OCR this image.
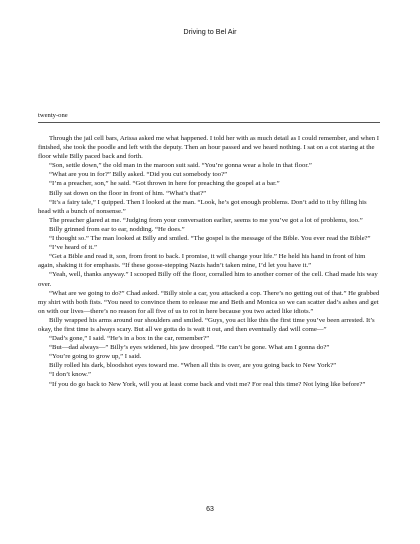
Driving to Bel Air
twenty-one

Through the jail cell bars, Arissa asked me what happened. I told her with as much detail as I could remember, and when I finished, she took the poodle and left with the deputy. Then an hour passed and we heard nothing. I sat on a cot staring at the floor while Billy paced back and forth.

“Son, settle down,” the old man in the maroon suit said. “You’re gonna wear a hole in that floor.”

“What are you in for?” Billy asked. “Did you cut somebody too?”

“I’m a preacher, son,” he said. “Got thrown in here for preaching the gospel at a bar.”

Billy sat down on the floor in front of him. “What’s that?”

“It’s a fairy tale,” I quipped. Then I looked at the man. “Look, he’s got enough problems. Don’t add to it by filling his head with a bunch of nonsense.”

The preacher glared at me. “Judging from your conversation earlier, seems to me you’ve got a lot of problems, too.”

Billy grinned from ear to ear, nodding. “He does.”

“I thought so.” The man looked at Billy and smiled. “The gospel is the message of the Bible. You ever read the Bible?”

“I’ve heard of it.”

“Get a Bible and read it, son, from front to back. I promise, it will change your life.” He held his hand in front of him again, shaking it for emphasis. “If these goose-stepping Nazis hadn’t taken mine, I’d let you have it.”

“Yeah, well, thanks anyway.” I scooped Billy off the floor, corralled him to another corner of the cell. Chad made his way over.

“What are we going to do?” Chad asked. “Billy stole a car, you attacked a cop. There’s no getting out of that.” He grabbed my shirt with both fists. “You need to convince them to release me and Beth and Monica so we can scatter dad’s ashes and get on with our lives—there’s no reason for all five of us to rot in here because you two acted like idiots.”

Billy wrapped his arms around our shoulders and smiled. “Guys, you act like this the first time you’ve been arrested. It’s okay, the first time is always scary. But all we gotta do is wait it out, and then eventually dad will come—”

“Dad’s gone,” I said. “He’s in a box in the car, remember?”

“But—dad always—” Billy’s eyes widened, his jaw drooped. “He can’t be gone. What am I gonna do?”

“You’re going to grow up,” I said.

Billy rolled his dark, bloodshot eyes toward me. “When all this is over, are you going back to New York?”

“I don’t know.”

“If you do go back to New York, will you at least come back and visit me? For real this time? Not lying like before?”

63
